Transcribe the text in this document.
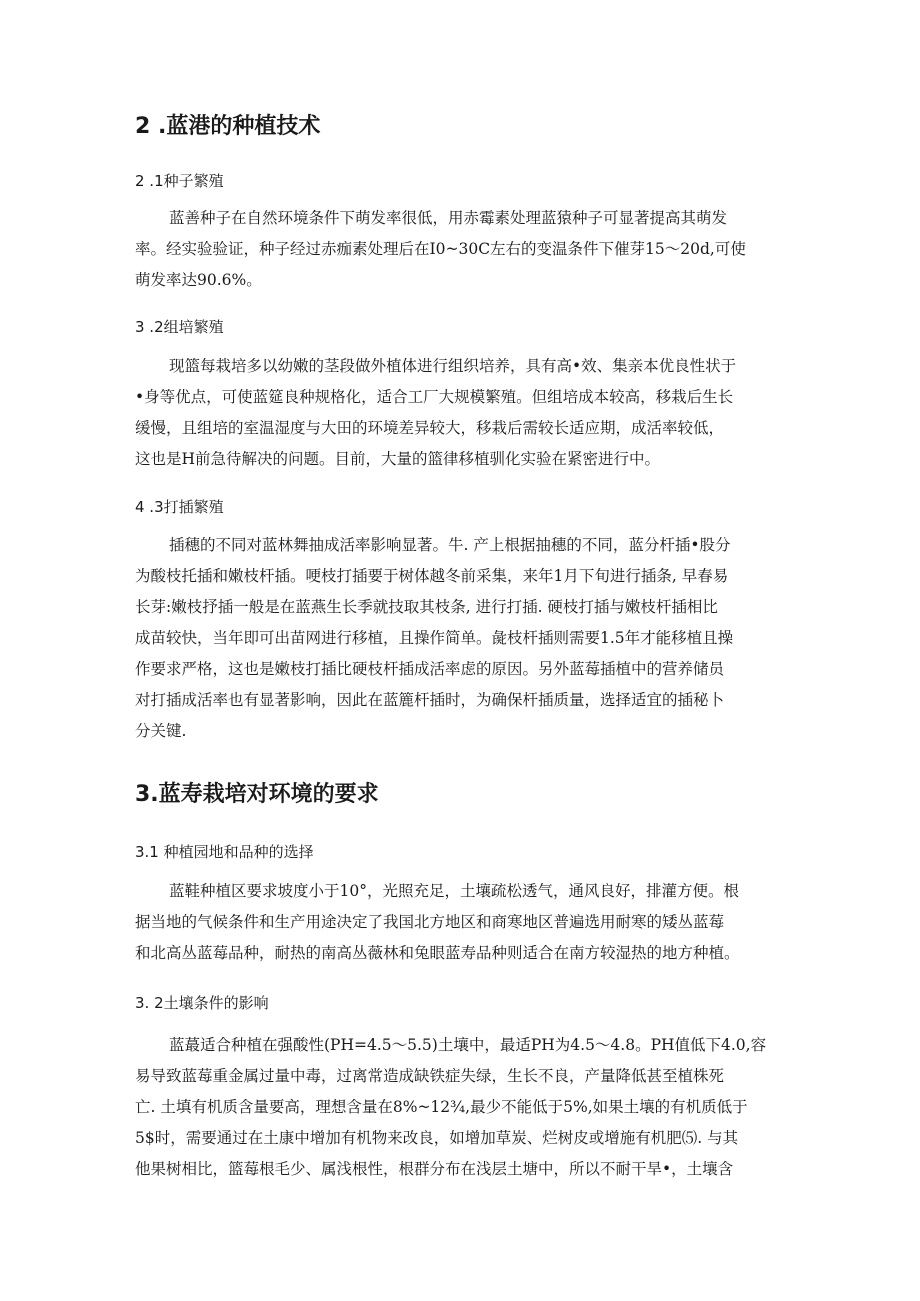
2 .蓝港的种植技术
2 .1种子繁殖
蓝善种子在自然环境条件下萌发率很低，用赤霉素处理蓝猿种子可显著提高其萌发
率。经实验验证，种子经过赤痂素处理后在I0~30C左右的变温条件下催芽15～20d,可使
萌发率达90.6%。
3 .2组培繁殖
现篮每栽培多以幼嫩的茎段做外植体进行组织培养，具有高•效、集亲本优良性状于
•身等优点，可使蓝筵良种规格化，适合工厂大规模繁殖。但组培成本较高，移栽后生长
缓慢，且组培的室温湿度与大田的环境差异较大，移栽后需较长适应期，成活率较低，
这也是H前急待解决的问题。目前，大量的篮律移植驯化实验在紧密进行中。
4 .3打插繁殖
插穗的不同对蓝林舞抽成活率影响显著。牛. 产上根据抽穗的不同，蓝分杆插•股分
为酸枝托插和嫩枝杆插。哽枝打插要于树体越冬前采集，来年1月下旬进行插条, 早春易
长芽:嫩枝抒插一般是在蓝燕生长季就技取其枝条, 进行打插. 硬枝打插与嫩枝杆插相比
成苗较快，当年即可出苗网进行移植，且操作简单。彘枝杆插则需要1.5年才能移植且操
作要求严格，这也是嫩枝打插比硬枝杆插成活率虑的原因。另外蓝莓插植中的营养储员
对打插成活率也有显著影响，因此在蓝簏杆插时，为确保杆插质量，选择适宜的插秘卜
分关键.
3.蓝寿栽培对环境的要求
3.1 种植园地和品种的选择
蓝鞋种植区要求坡度小于10°，光照充足，土壤疏松透气，通风良好，排灌方便。根
据当地的气候条件和生产用途决定了我国北方地区和商寒地区普遍选用耐寒的矮丛蓝莓
和北高丛蓝莓品种，耐热的南高丛薇林和兔眼蓝寿品种则适合在南方较湿热的地方种植。
3. 2土壤条件的影响
蓝蕞适合种植在强酸性(PH=4.5～5.5)土壤中，最适PH为4.5～4.8。PH值低下4.0,容
易导致蓝莓重金属过量中毒，过离常造成缺铁症失绿，生长不良，产量降低甚至植株死
亡. 土填有机质含量要高，理想含量在8%~12¾,最少不能低于5%,如果土壤的有机质低于
5$时，需要通过在土康中增加有机物来改良，如增加草炭、烂树皮或增施有机肥⑸. 与其
他果树相比，篮莓根毛少、属浅根性，根群分布在浅层土塘中，所以不耐干旱•，土壤含
